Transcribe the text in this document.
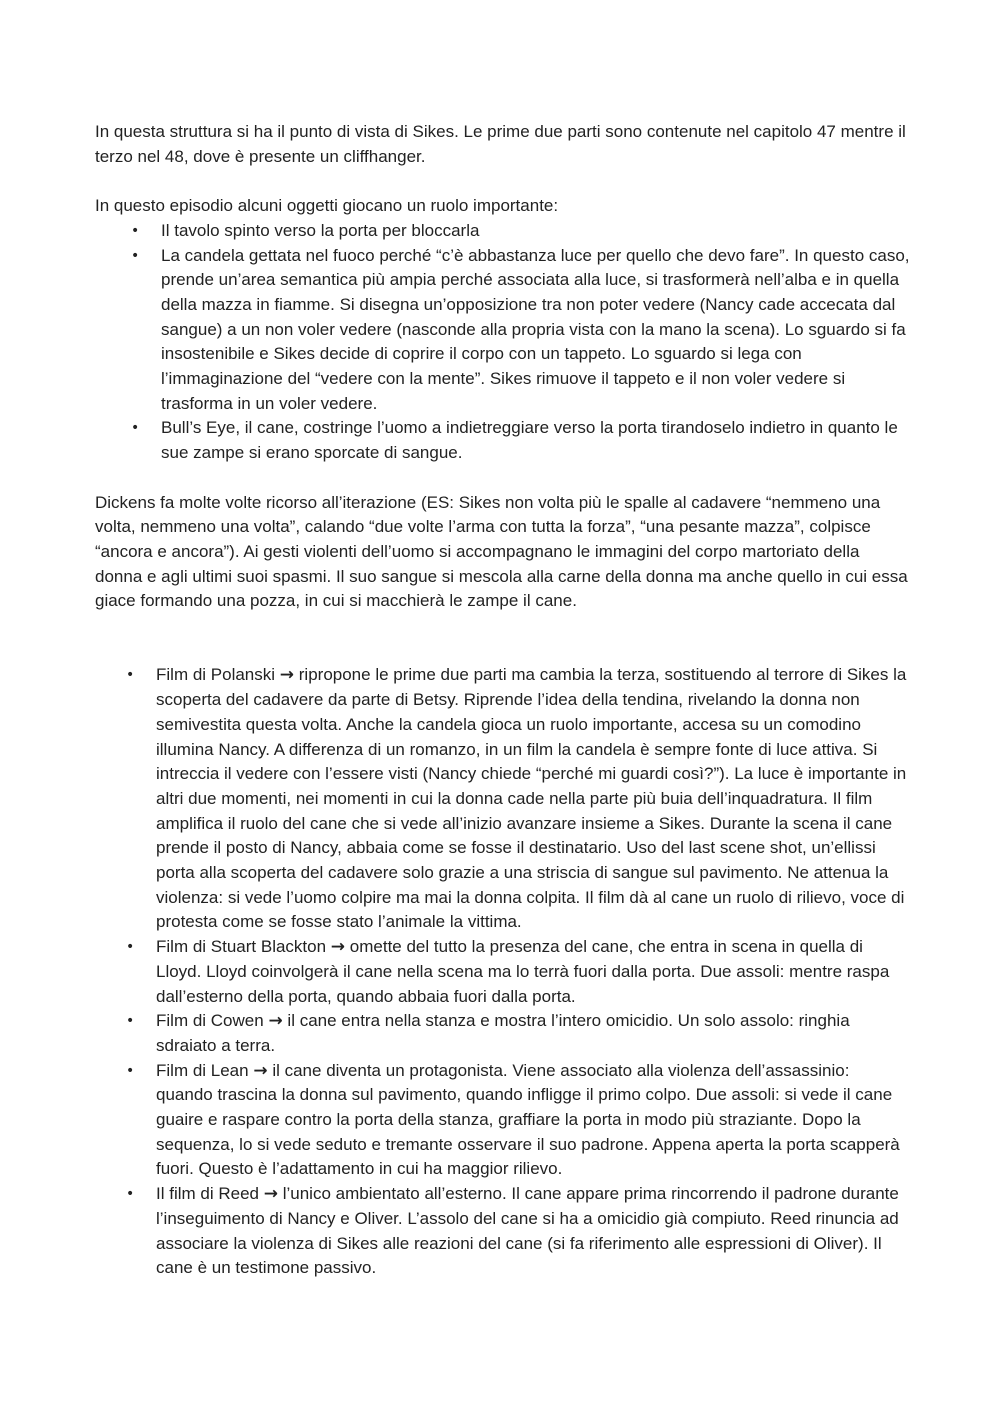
In questa struttura si ha il punto di vista di Sikes. Le prime due parti sono contenute nel capitolo 47 mentre il terzo nel 48, dove è presente un cliffhanger.

In questo episodio alcuni oggetti giocano un ruolo importante:

• Il tavolo spinto verso la porta per bloccarla
• La candela gettata nel fuoco perché “c’è abbastanza luce per quello che devo fare”. In questo caso, prende un’area semantica più ampia perché associata alla luce, si trasformerà nell’alba e in quella della mazza in fiamme. Si disegna un’opposizione tra non poter vedere (Nancy cade accecata dal sangue) a un non voler vedere (nasconde alla propria vista con la mano la scena). Lo sguardo si fa insostenibile e Sikes decide di coprire il corpo con un tappeto. Lo sguardo si lega con l’immaginazione del “vedere con la mente”. Sikes rimuove il tappeto e il non voler vedere si trasforma in un voler vedere.
• Bull’s Eye, il cane, costringe l’uomo a indietreggiare verso la porta tirandoselo indietro in quanto le sue zampe si erano sporcate di sangue.

Dickens fa molte volte ricorso all’iterazione (ES: Sikes non volta più le spalle al cadavere “nemmeno una volta, nemmeno una volta”, calando “due volte l’arma con tutta la forza”, “una pesante mazza”, colpisce “ancora e ancora”). Ai gesti violenti dell’uomo si accompagnano le immagini del corpo martoriato della donna e agli ultimi suoi spasmi. Il suo sangue si mescola alla carne della donna ma anche quello in cui essa giace formando una pozza, in cui si macchierà le zampe il cane.

• Film di Polanski → ripropone le prime due parti ma cambia la terza, sostituendo al terrore di Sikes la scoperta del cadavere da parte di Betsy. Riprende l’idea della tendina, rivelando la donna non semivestita questa volta. Anche la candela gioca un ruolo importante, accesa su un comodino illumina Nancy. A differenza di un romanzo, in un film la candela è sempre fonte di luce attiva. Si intreccia il vedere con l’essere visti (Nancy chiede “perché mi guardi così?”). La luce è importante in altri due momenti, nei momenti in cui la donna cade nella parte più buia dell’inquadratura. Il film amplifica il ruolo del cane che si vede all’inizio avanzare insieme a Sikes. Durante la scena il cane prende il posto di Nancy, abbaia come se fosse il destinatario. Uso del last scene shot, un’ellissi porta alla scoperta del cadavere solo grazie a una striscia di sangue sul pavimento. Ne attenua la violenza: si vede l’uomo colpire ma mai la donna colpita. Il film dà al cane un ruolo di rilievo, voce di protesta come se fosse stato l’animale la vittima.
• Film di Stuart Blackton → omette del tutto la presenza del cane, che entra in scena in quella di Lloyd. Lloyd coinvolgerà il cane nella scena ma lo terrà fuori dalla porta. Due assoli: mentre raspa dall’esterno della porta, quando abbaia fuori dalla porta.
• Film di Cowen → il cane entra nella stanza e mostra l’intero omicidio. Un solo assolo: ringhia sdraiato a terra.
• Film di Lean → il cane diventa un protagonista. Viene associato alla violenza dell’assassinio: quando trascina la donna sul pavimento, quando infligge il primo colpo. Due assoli: si vede il cane guaire e raspare contro la porta della stanza, graffiare la porta in modo più straziante. Dopo la sequenza, lo si vede seduto e tremante osservare il suo padrone. Appena aperta la porta scapperà fuori. Questo è l’adattamento in cui ha maggior rilievo.
• Il film di Reed → l’unico ambientato all’esterno. Il cane appare prima rincorrendo il padrone durante l’inseguimento di Nancy e Oliver. L’assolo del cane si ha a omicidio già compiuto. Reed rinuncia ad associare la violenza di Sikes alle reazioni del cane (si fa riferimento alle espressioni di Oliver). Il cane è un testimone passivo.
